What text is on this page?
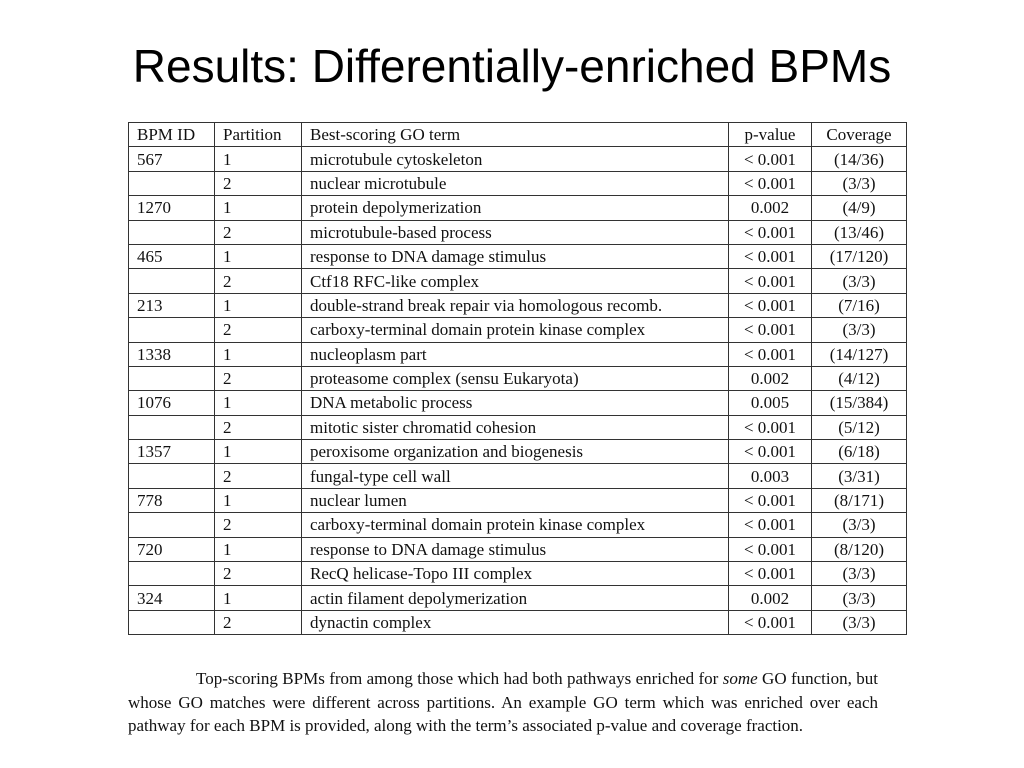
Results: Differentially-enriched BPMs
BPM ID	Partition	Best-scoring GO term	p-value	Coverage
567	1	microtubule cytoskeleton	< 0.001	(14/36)
	2	nuclear microtubule	< 0.001	(3/3)
1270	1	protein depolymerization	0.002	(4/9)
	2	microtubule-based process	< 0.001	(13/46)
465	1	response to DNA damage stimulus	< 0.001	(17/120)
	2	Ctf18 RFC-like complex	< 0.001	(3/3)
213	1	double-strand break repair via homologous recomb.	< 0.001	(7/16)
	2	carboxy-terminal domain protein kinase complex	< 0.001	(3/3)
1338	1	nucleoplasm part	< 0.001	(14/127)
	2	proteasome complex (sensu Eukaryota)	0.002	(4/12)
1076	1	DNA metabolic process	0.005	(15/384)
	2	mitotic sister chromatid cohesion	< 0.001	(5/12)
1357	1	peroxisome organization and biogenesis	< 0.001	(6/18)
	2	fungal-type cell wall	0.003	(3/31)
778	1	nuclear lumen	< 0.001	(8/171)
	2	carboxy-terminal domain protein kinase complex	< 0.001	(3/3)
720	1	response to DNA damage stimulus	< 0.001	(8/120)
	2	RecQ helicase-Topo III complex	< 0.001	(3/3)
324	1	actin filament depolymerization	0.002	(3/3)
	2	dynactin complex	< 0.001	(3/3)

Top-scoring BPMs from among those which had both pathways enriched for some GO function, but whose GO matches were different across partitions. An example GO term which was enriched over each pathway for each BPM is provided, along with the term’s associated p-value and coverage fraction.
